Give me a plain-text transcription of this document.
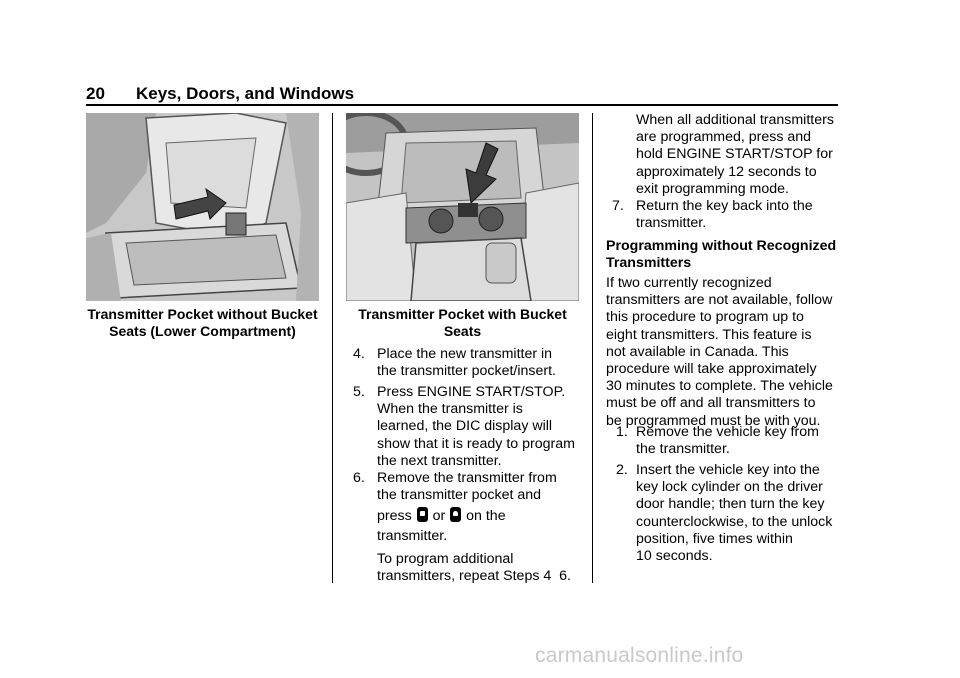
20 Keys, Doors, and Windows
Transmitter Pocket without Bucket
Seats (Lower Compartment)
Transmitter Pocket with Bucket
Seats
4. Place the new transmitter in
the transmitter pocket/insert.
5. Press ENGINE START/STOP.
When the transmitter is
learned, the DIC display will
show that it is ready to program
the next transmitter.
6. Remove the transmitter from
the transmitter pocket and
press or on the
transmitter.
To program additional
transmitters, repeat Steps 4  6.
When all additional transmitters
are programmed, press and
hold ENGINE START/STOP for
approximately 12 seconds to
exit programming mode.
7. Return the key back into the
transmitter.
Programming without Recognized
Transmitters
If two currently recognized
transmitters are not available, follow
this procedure to program up to
eight transmitters. This feature is
not available in Canada. This
procedure will take approximately
30 minutes to complete. The vehicle
must be off and all transmitters to
be programmed must be with you.
1. Remove the vehicle key from
the transmitter.
2. Insert the vehicle key into the
key lock cylinder on the driver
door handle; then turn the key
counterclockwise, to the unlock
position, five times within
10 seconds.
carmanualsonline.info
